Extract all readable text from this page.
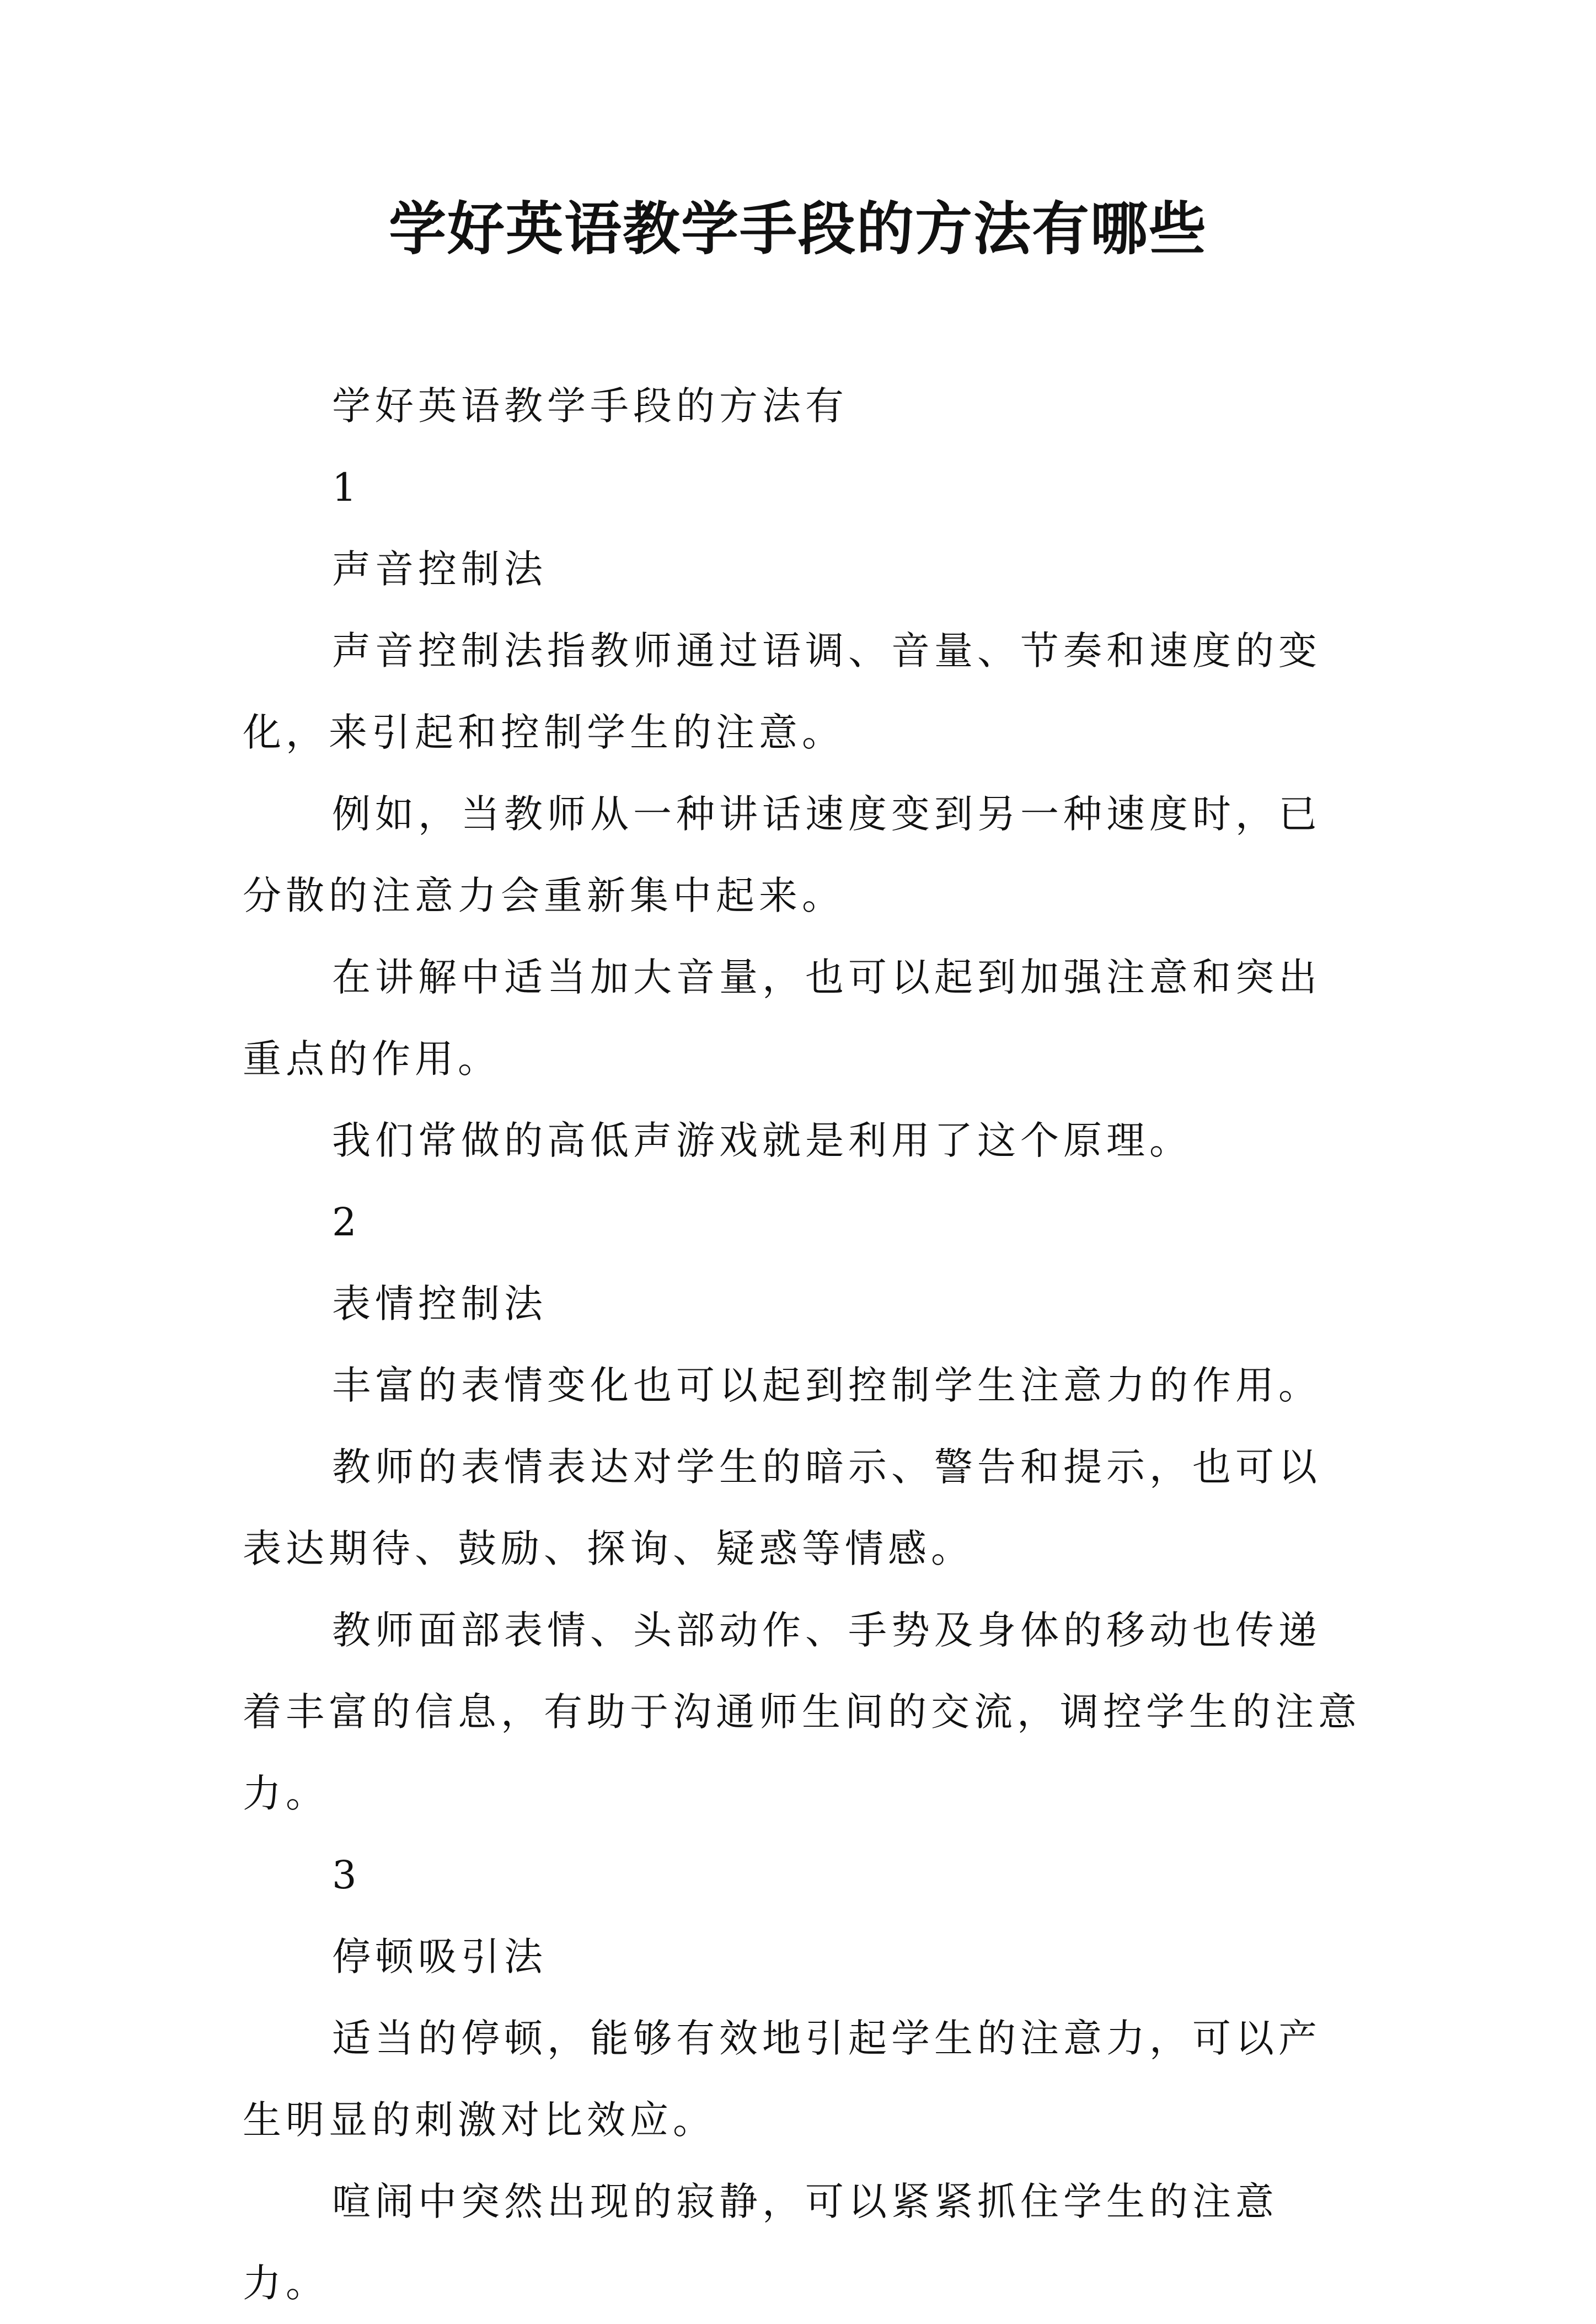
学好英语教学手段的方法有哪些

学好英语教学手段的方法有

1

声音控制法

声音控制法指教师通过语调、音量、节奏和速度的变化，来引起和控制学生的注意。

例如，当教师从一种讲话速度变到另一种速度时，已分散的注意力会重新集中起来。

在讲解中适当加大音量，也可以起到加强注意和突出重点的作用。

我们常做的高低声游戏就是利用了这个原理。

2

表情控制法

丰富的表情变化也可以起到控制学生注意力的作用。

教师的表情表达对学生的暗示、警告和提示，也可以表达期待、鼓励、探询、疑惑等情感。

教师面部表情、头部动作、手势及身体的移动也传递着丰富的信息，有助于沟通师生间的交流，调控学生的注意力。

3

停顿吸引法

适当的停顿，能够有效地引起学生的注意力，可以产生明显的刺激对比效应。

喧闹中突然出现的寂静，可以紧紧抓住学生的注意力。
